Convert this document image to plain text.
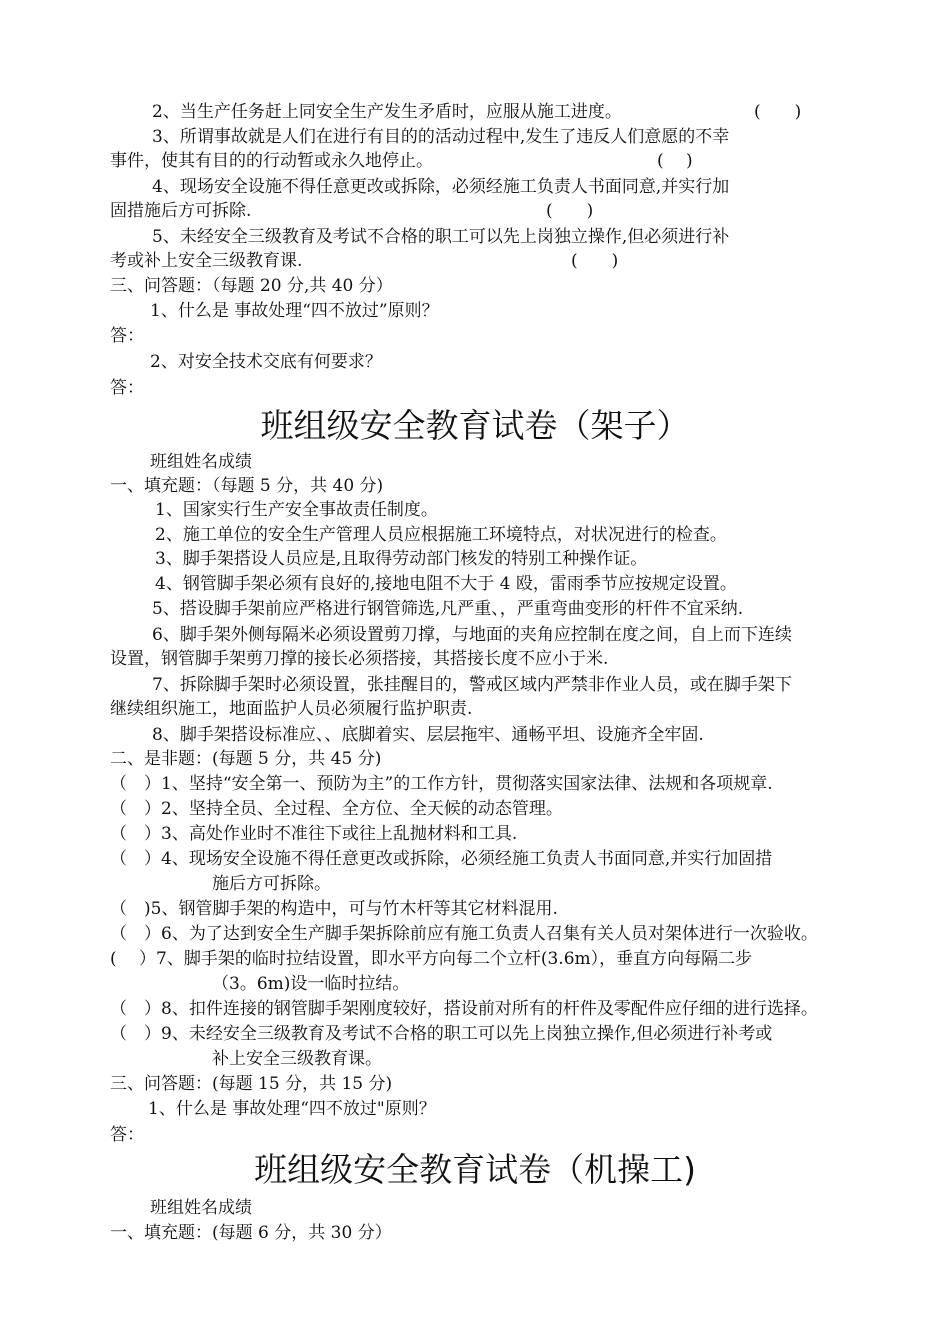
2、当生产任务赶上同安全生产发生矛盾时，应服从施工进度。	(　　)
3、所谓事故就是人们在进行有目的的活动过程中,发生了违反人们意愿的不幸
事件，使其有目的的行动暂或永久地停止。	(　 )
4、现场安全设施不得任意更改或拆除，必须经施工负责人书面同意,并实行加
固措施后方可拆除.	(　　)
5、未经安全三级教育及考试不合格的职工可以先上岗独立操作,但必须进行补
考或补上安全三级教育课.	(　　)
三、问答题：（每题 20 分,共 40 分）
1、什么是 事故处理“四不放过”原则？
答：
2、对安全技术交底有何要求？
答：
班组级安全教育试卷（架子）
班组姓名成绩
一、填充题：（每题 5 分，共 40 分)
1、国家实行生产安全事故责任制度。
2、施工单位的安全生产管理人员应根据施工环境特点，对状况进行的检查。
3、脚手架搭设人员应是,且取得劳动部门核发的特别工种操作证。
4、钢管脚手架必须有良好的,接地电阻不大于 4 殴，雷雨季节应按规定设置。
5、搭设脚手架前应严格进行钢管筛选,凡严重、，严重弯曲变形的杆件不宜采纳.
6、脚手架外侧每隔米必须设置剪刀撑，与地面的夹角应控制在度之间，自上而下连续
设置，钢管脚手架剪刀撑的接长必须搭接，其搭接长度不应小于米.
7、拆除脚手架时必须设置，张挂醒目的，警戒区域内严禁非作业人员，或在脚手架下
继续组织施工，地面监护人员必须履行监护职责.
8、脚手架搭设标准应、、底脚着实、层层拖牢、通畅平坦、设施齐全牢固.
二、是非题：(每题 5 分，共 45 分)
（　）1、坚持“安全第一、预防为主”的工作方针，贯彻落实国家法律、法规和各项规章.
（　）2、坚持全员、全过程、全方位、全天候的动态管理。
（　）3、高处作业时不准往下或往上乱抛材料和工具.
（　）4、现场安全设施不得任意更改或拆除，必须经施工负责人书面同意,并实行加固措
施后方可拆除。
（　)5、钢管脚手架的构造中，可与竹木杆等其它材料混用.
（　）6、为了达到安全生产脚手架拆除前应有施工负责人召集有关人员对架体进行一次验收。
(　 ）7、脚手架的临时拉结设置，即水平方向每二个立杆(3.6m），垂直方向每隔二步
（3。6m)设一临时拉结。
（　）8、扣件连接的钢管脚手架刚度较好，搭设前对所有的杆件及零配件应仔细的进行选择。
（　）9、未经安全三级教育及考试不合格的职工可以先上岗独立操作,但必须进行补考或
补上安全三级教育课。
三、问答题：(每题 15 分，共 15 分)
1、什么是 事故处理“四不放过"原则？
答：
班组级安全教育试卷（机操工)
班组姓名成绩
一、填充题：(每题 6 分，共 30 分）
